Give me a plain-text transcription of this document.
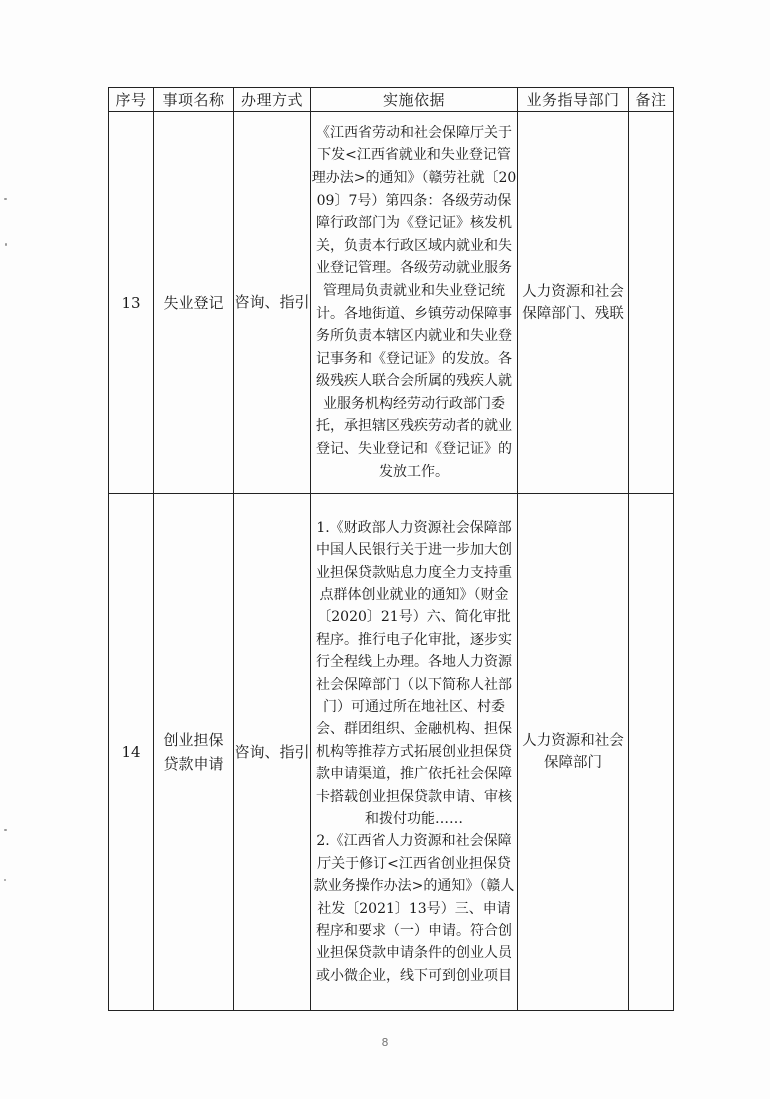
序号	事项名称	办理方式	实施依据	业务指导部门	备注
13	失业登记	咨询、指引	《江西省劳动和社会保障厅关于下发<江西省就业和失业登记管理办法>的通知》（赣劳社就〔2009〕7号）第四条：各级劳动保障行政部门为《登记证》核发机关，负责本行政区域内就业和失业登记管理。各级劳动就业服务管理局负责就业和失业登记统计。各地街道、乡镇劳动保障事务所负责本辖区内就业和失业登记事务和《登记证》的发放。各级残疾人联合会所属的残疾人就业服务机构经劳动行政部门委托，承担辖区残疾劳动者的就业登记、失业登记和《登记证》的发放工作。	人力资源和社会保障部门、残联	
14	创业担保贷款申请	咨询、指引	1.《财政部人力资源社会保障部中国人民银行关于进一步加大创业担保贷款贴息力度全力支持重点群体创业就业的通知》（财金〔2020〕21号）六、简化审批程序。推行电子化审批，逐步实行全程线上办理。各地人力资源社会保障部门（以下简称人社部门）可通过所在地社区、村委会、群团组织、金融机构、担保机构等推荐方式拓展创业担保贷款申请渠道，推广依托社会保障卡搭载创业担保贷款申请、审核和拨付功能……
2.《江西省人力资源和社会保障厅关于修订<江西省创业担保贷款业务操作办法>的通知》（赣人社发〔2021〕13号）三、申请程序和要求（一）申请。符合创业担保贷款申请条件的创业人员或小微企业，线下可到创业项目	人力资源和社会保障部门	
8
